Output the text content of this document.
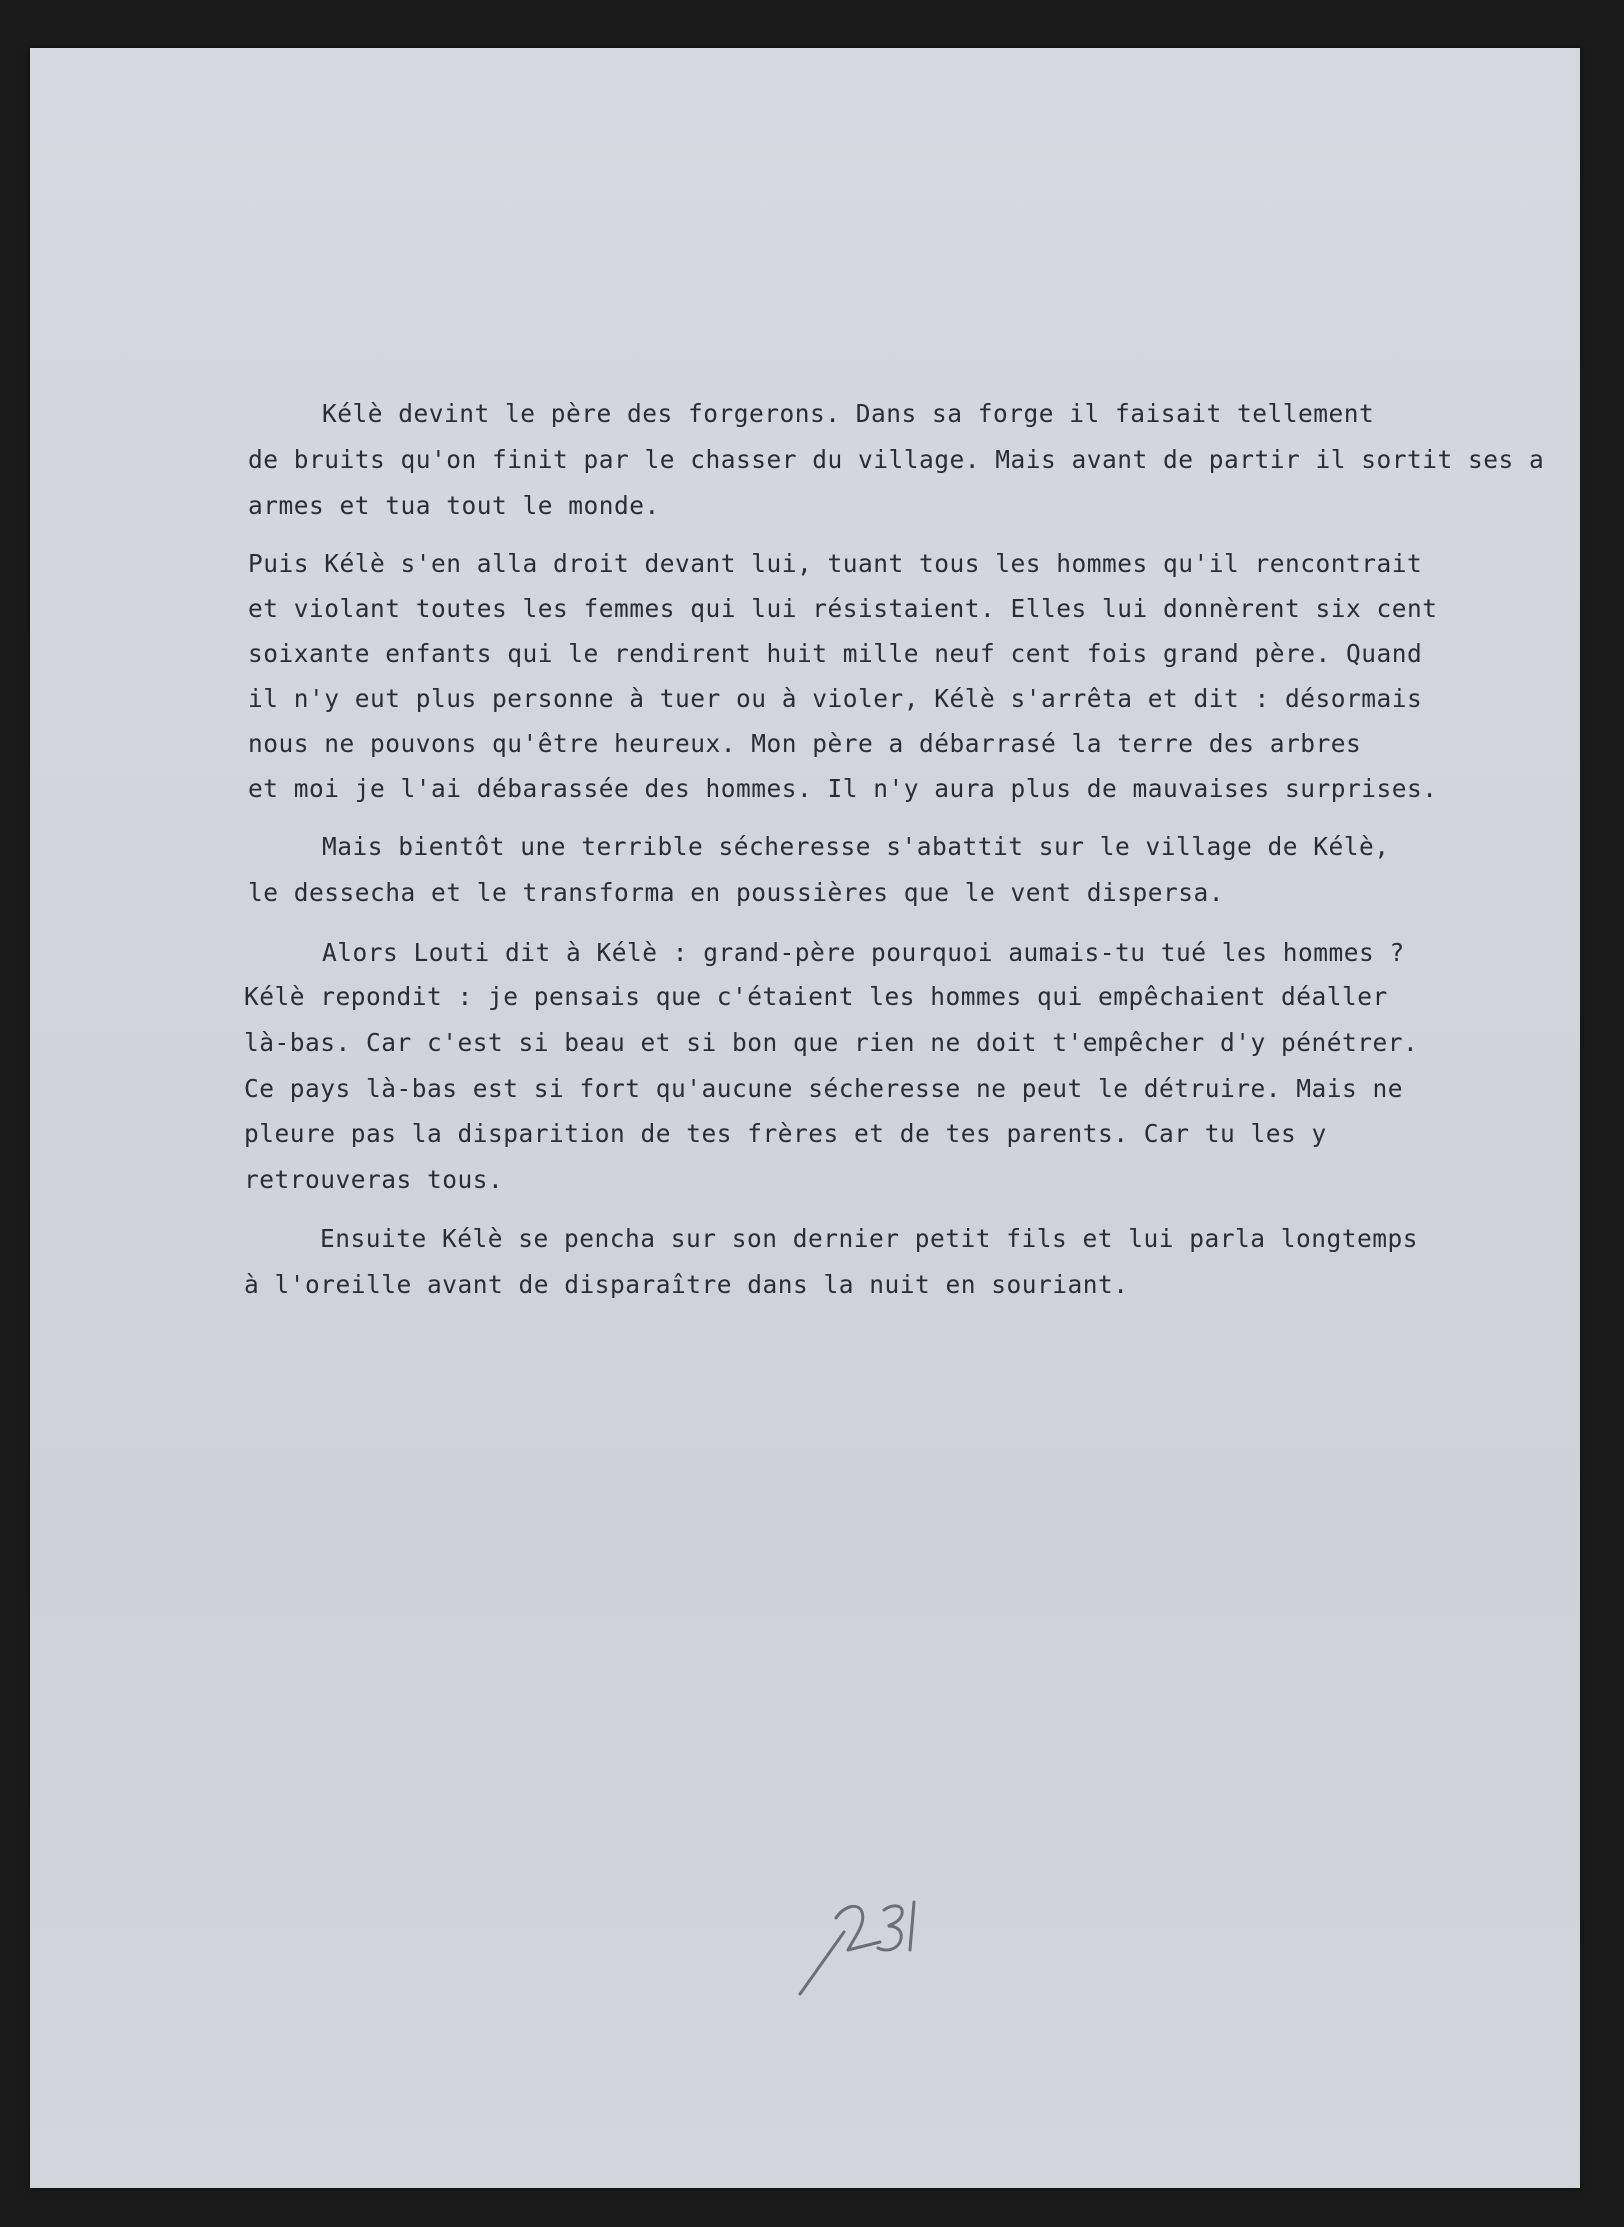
Kélè devint le père des forgerons. Dans sa forge il faisait tellement
de bruits qu'on finit par le chasser du village. Mais avant de partir il sortit ses a
armes et tua tout le monde.
Puis Kélè s'en alla droit devant lui, tuant tous les hommes qu'il rencontrait
et violant toutes les femmes qui lui résistaient. Elles lui donnèrent six cent
soixante enfants qui le rendirent huit mille neuf cent fois grand père. Quand
il n'y eut plus personne à tuer ou à violer, Kélè s'arrêta et dit : désormais
nous ne pouvons qu'être heureux. Mon père a débarrasé la terre des arbres
et moi je l'ai débarassée des hommes. Il n'y aura plus de mauvaises surprises.
Mais bientôt une terrible sécheresse s'abattit sur le village de Kélè,
le dessecha et le transforma en poussières que le vent dispersa.
Alors Louti dit à Kélè : grand-père pourquoi aumais-tu tué les hommes ?
Kélè repondit : je pensais que c'étaient les hommes qui empêchaient déaller
là-bas. Car c'est si beau et si bon que rien ne doit t'empêcher d'y pénétrer.
Ce pays là-bas est si fort qu'aucune sécheresse ne peut le détruire. Mais ne
pleure pas la disparition de tes frères et de tes parents. Car tu les y
retrouveras tous.
Ensuite Kélè se pencha sur son dernier petit fils et lui parla longtemps
à l'oreille avant de disparaître dans la nuit en souriant.
